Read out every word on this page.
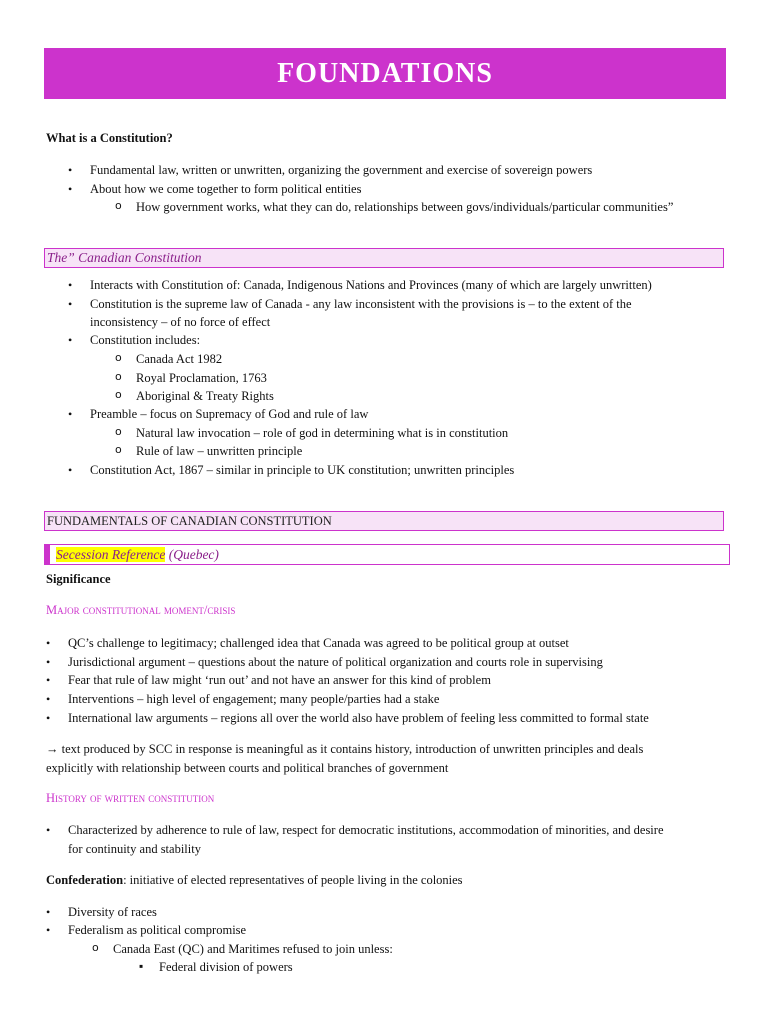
FOUNDATIONS
What is a Constitution?
• Fundamental law, written or unwritten, organizing the government and exercise of sovereign powers
• About how we come together to form political entities
o How government works, what they can do, relationships between govs/individuals/particular communities”
The” Canadian Constitution
• Interacts with Constitution of: Canada, Indigenous Nations and Provinces (many of which are largely unwritten)
• Constitution is the supreme law of Canada - any law inconsistent with the provisions is – to the extent of the
inconsistency – of no force of effect
• Constitution includes:
o Canada Act 1982
o Royal Proclamation, 1763
o Aboriginal & Treaty Rights
• Preamble – focus on Supremacy of God and rule of law
o Natural law invocation – role of god in determining what is in constitution
o Rule of law – unwritten principle
• Constitution Act, 1867 – similar in principle to UK constitution; unwritten principles
FUNDAMENTALS OF CANADIAN CONSTITUTION
Secession Reference (Quebec)
Significance
Major constitutional moment/crisis
• QC’s challenge to legitimacy; challenged idea that Canada was agreed to be political group at outset
• Jurisdictional argument – questions about the nature of political organization and courts role in supervising
• Fear that rule of law might ‘run out’ and not have an answer for this kind of problem
• Interventions – high level of engagement; many people/parties had a stake
• International law arguments – regions all over the world also have problem of feeling less committed to formal state
→ text produced by SCC in response is meaningful as it contains history, introduction of unwritten principles and deals
explicitly with relationship between courts and political branches of government
History of written constitution
• Characterized by adherence to rule of law, respect for democratic institutions, accommodation of minorities, and desire
for continuity and stability
Confederation: initiative of elected representatives of people living in the colonies
• Diversity of races
• Federalism as political compromise
o Canada East (QC) and Maritimes refused to join unless:
▪ Federal division of powers
